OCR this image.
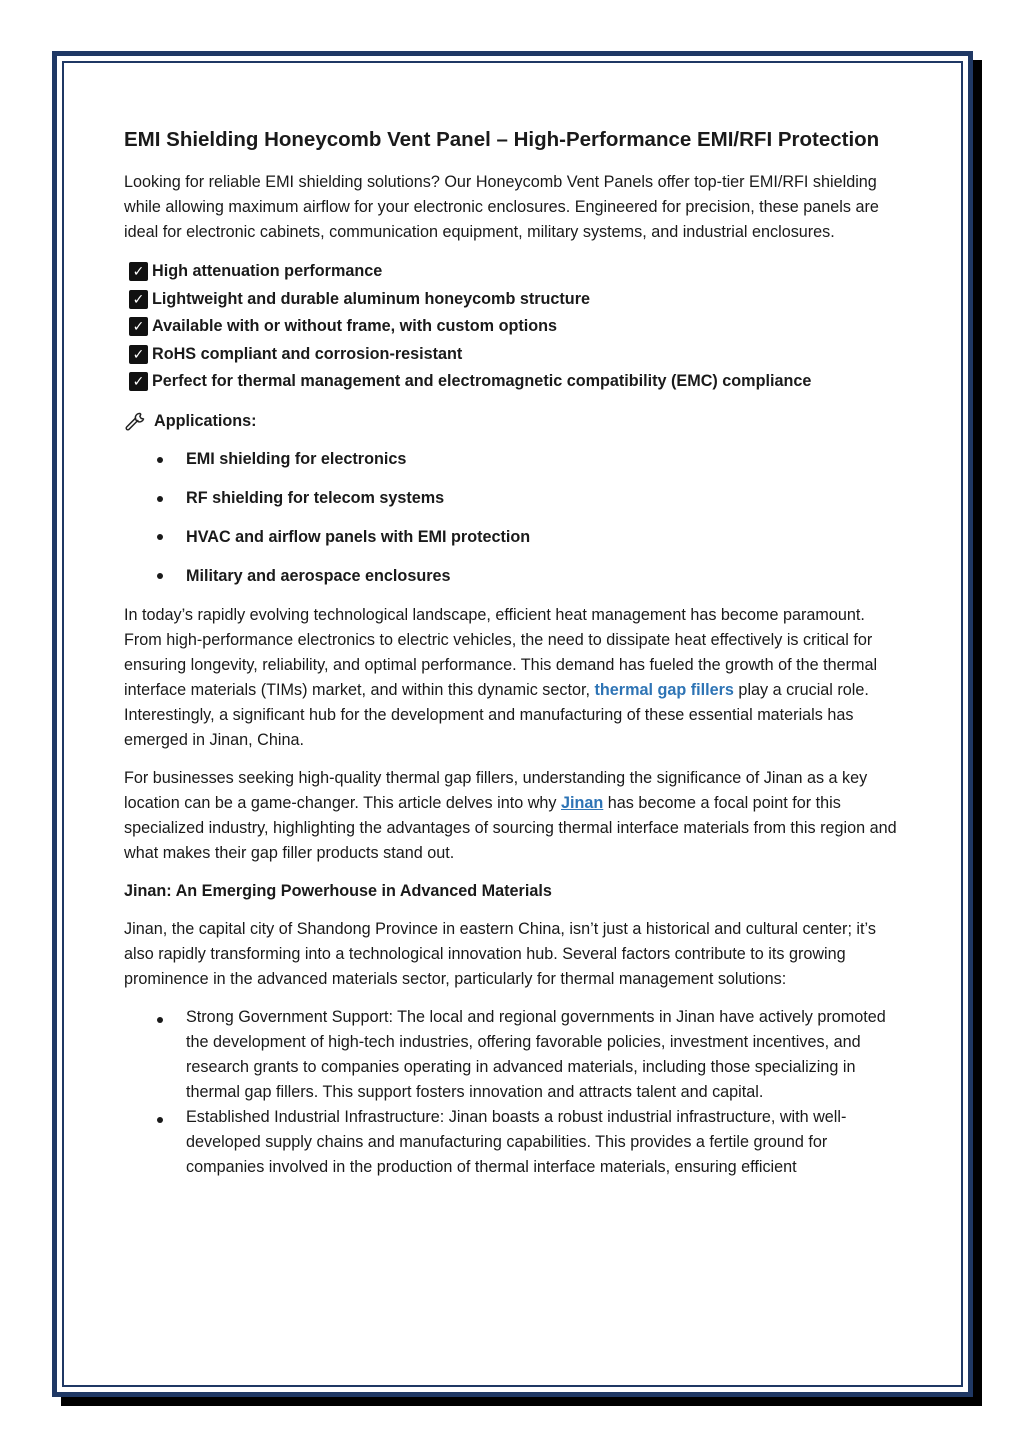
EMI Shielding Honeycomb Vent Panel – High-Performance EMI/RFI Protection

Looking for reliable EMI shielding solutions? Our Honeycomb Vent Panels offer top-tier EMI/RFI shielding while allowing maximum airflow for your electronic enclosures. Engineered for precision, these panels are ideal for electronic cabinets, communication equipment, military systems, and industrial enclosures.

✓ High attenuation performance
✓ Lightweight and durable aluminum honeycomb structure
✓ Available with or without frame, with custom options
✓ RoHS compliant and corrosion-resistant
✓ Perfect for thermal management and electromagnetic compatibility (EMC) compliance
Applications:
EMI shielding for electronics
RF shielding for telecom systems
HVAC and airflow panels with EMI protection
Military and aerospace enclosures

In today’s rapidly evolving technological landscape, efficient heat management has become paramount. From high-performance electronics to electric vehicles, the need to dissipate heat effectively is critical for ensuring longevity, reliability, and optimal performance. This demand has fueled the growth of the thermal interface materials (TIMs) market, and within this dynamic sector, thermal gap fillers play a crucial role. Interestingly, a significant hub for the development and manufacturing of these essential materials has emerged in Jinan, China.

For businesses seeking high-quality thermal gap fillers, understanding the significance of Jinan as a key location can be a game-changer. This article delves into why Jinan has become a focal point for this specialized industry, highlighting the advantages of sourcing thermal interface materials from this region and what makes their gap filler products stand out.

Jinan: An Emerging Powerhouse in Advanced Materials

Jinan, the capital city of Shandong Province in eastern China, isn’t just a historical and cultural center; it’s also rapidly transforming into a technological innovation hub. Several factors contribute to its growing prominence in the advanced materials sector, particularly for thermal management solutions:

Strong Government Support: The local and regional governments in Jinan have actively promoted the development of high-tech industries, offering favorable policies, investment incentives, and research grants to companies operating in advanced materials, including those specializing in thermal gap fillers. This support fosters innovation and attracts talent and capital.
Established Industrial Infrastructure: Jinan boasts a robust industrial infrastructure, with well-developed supply chains and manufacturing capabilities. This provides a fertile ground for companies involved in the production of thermal interface materials, ensuring efficient
